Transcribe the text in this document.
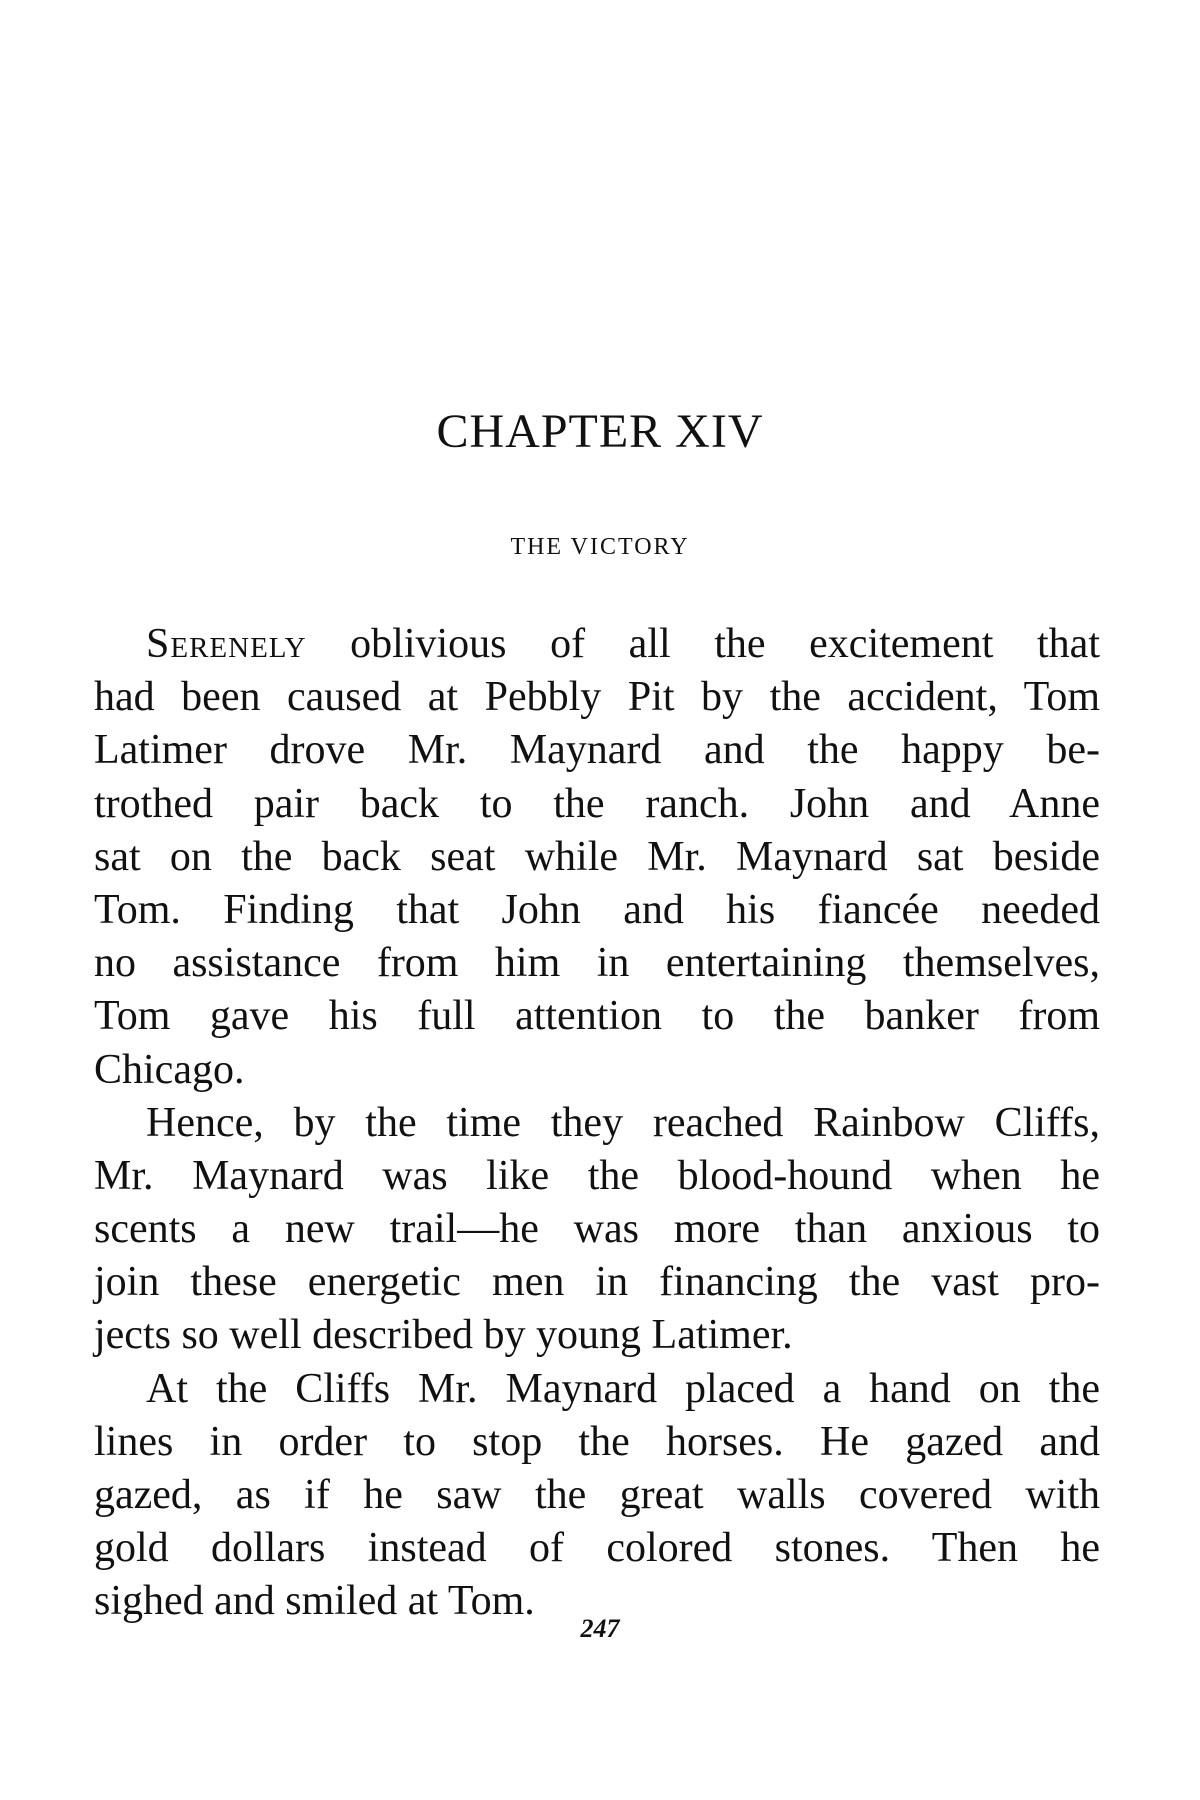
CHAPTER XIV
THE VICTORY
Serenely oblivious of all the excitement that
had been caused at Pebbly Pit by the accident, Tom
Latimer drove Mr. Maynard and the happy be-
trothed pair back to the ranch. John and Anne
sat on the back seat while Mr. Maynard sat beside
Tom. Finding that John and his fiancée needed
no assistance from him in entertaining themselves,
Tom gave his full attention to the banker from
Chicago.
Hence, by the time they reached Rainbow Cliffs,
Mr. Maynard was like the blood-hound when he
scents a new trail—he was more than anxious to
join these energetic men in financing the vast pro-
jects so well described by young Latimer.
At the Cliffs Mr. Maynard placed a hand on the
lines in order to stop the horses. He gazed and
gazed, as if he saw the great walls covered with
gold dollars instead of colored stones. Then he
sighed and smiled at Tom.
247
